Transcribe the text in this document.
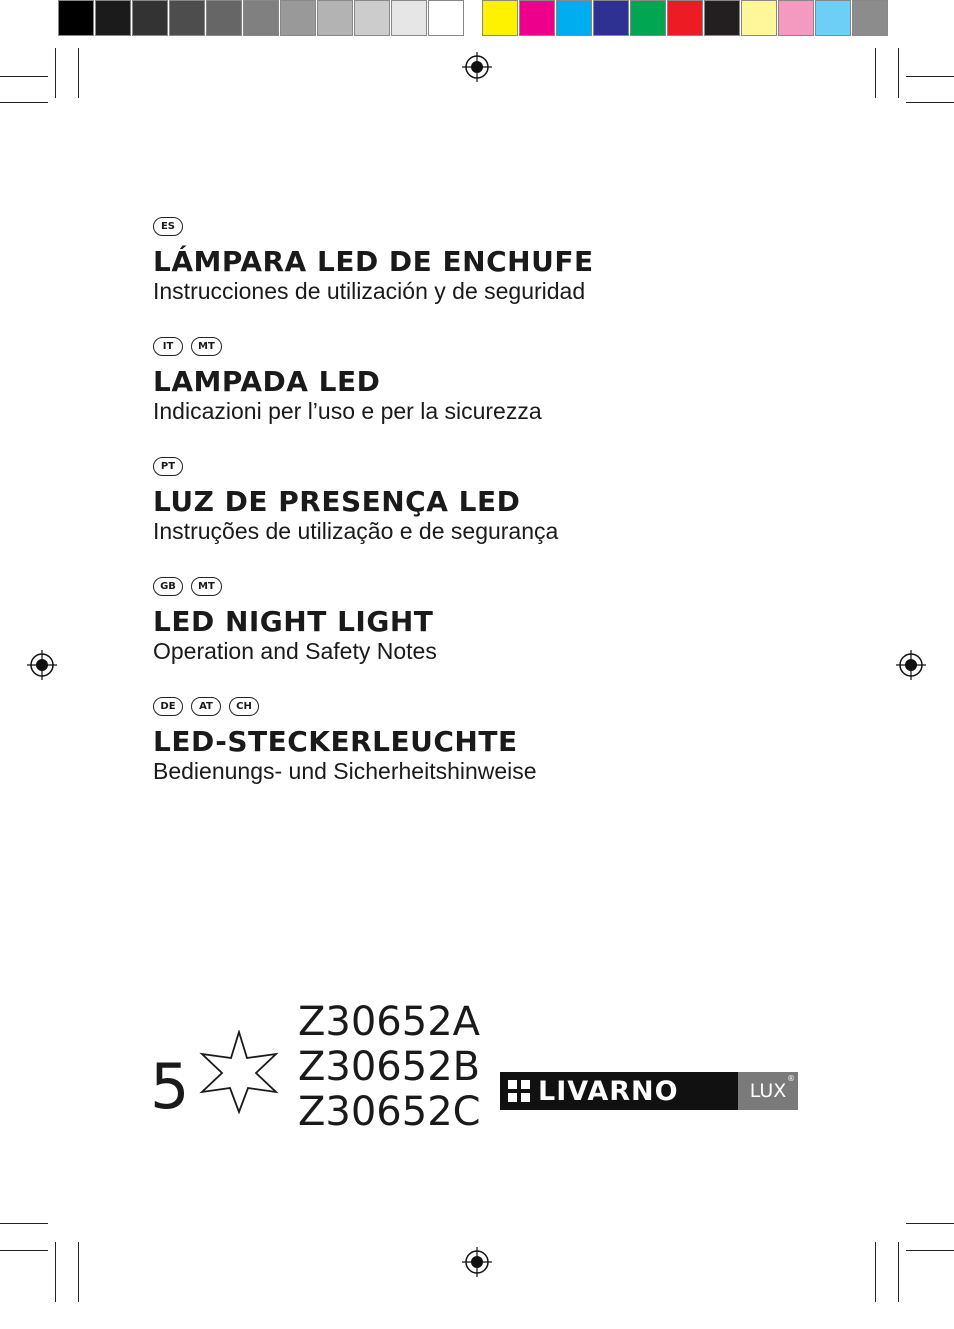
ES
LÁMPARA LED DE ENCHUFE
Instrucciones de utilización y de seguridad
IT	MT
LAMPADA LED
Indicazioni per l’uso e per la sicurezza
PT
LUZ DE PRESENÇA LED
Instruções de utilização e de segurança
GB	MT
LED NIGHT LIGHT
Operation and Safety Notes
DE	AT	CH
LED-STECKERLEUCHTE
Bedienungs- und Sicherheitshinweise
5
Z30652A
Z30652B
Z30652C LIVARNO	LUX
®
